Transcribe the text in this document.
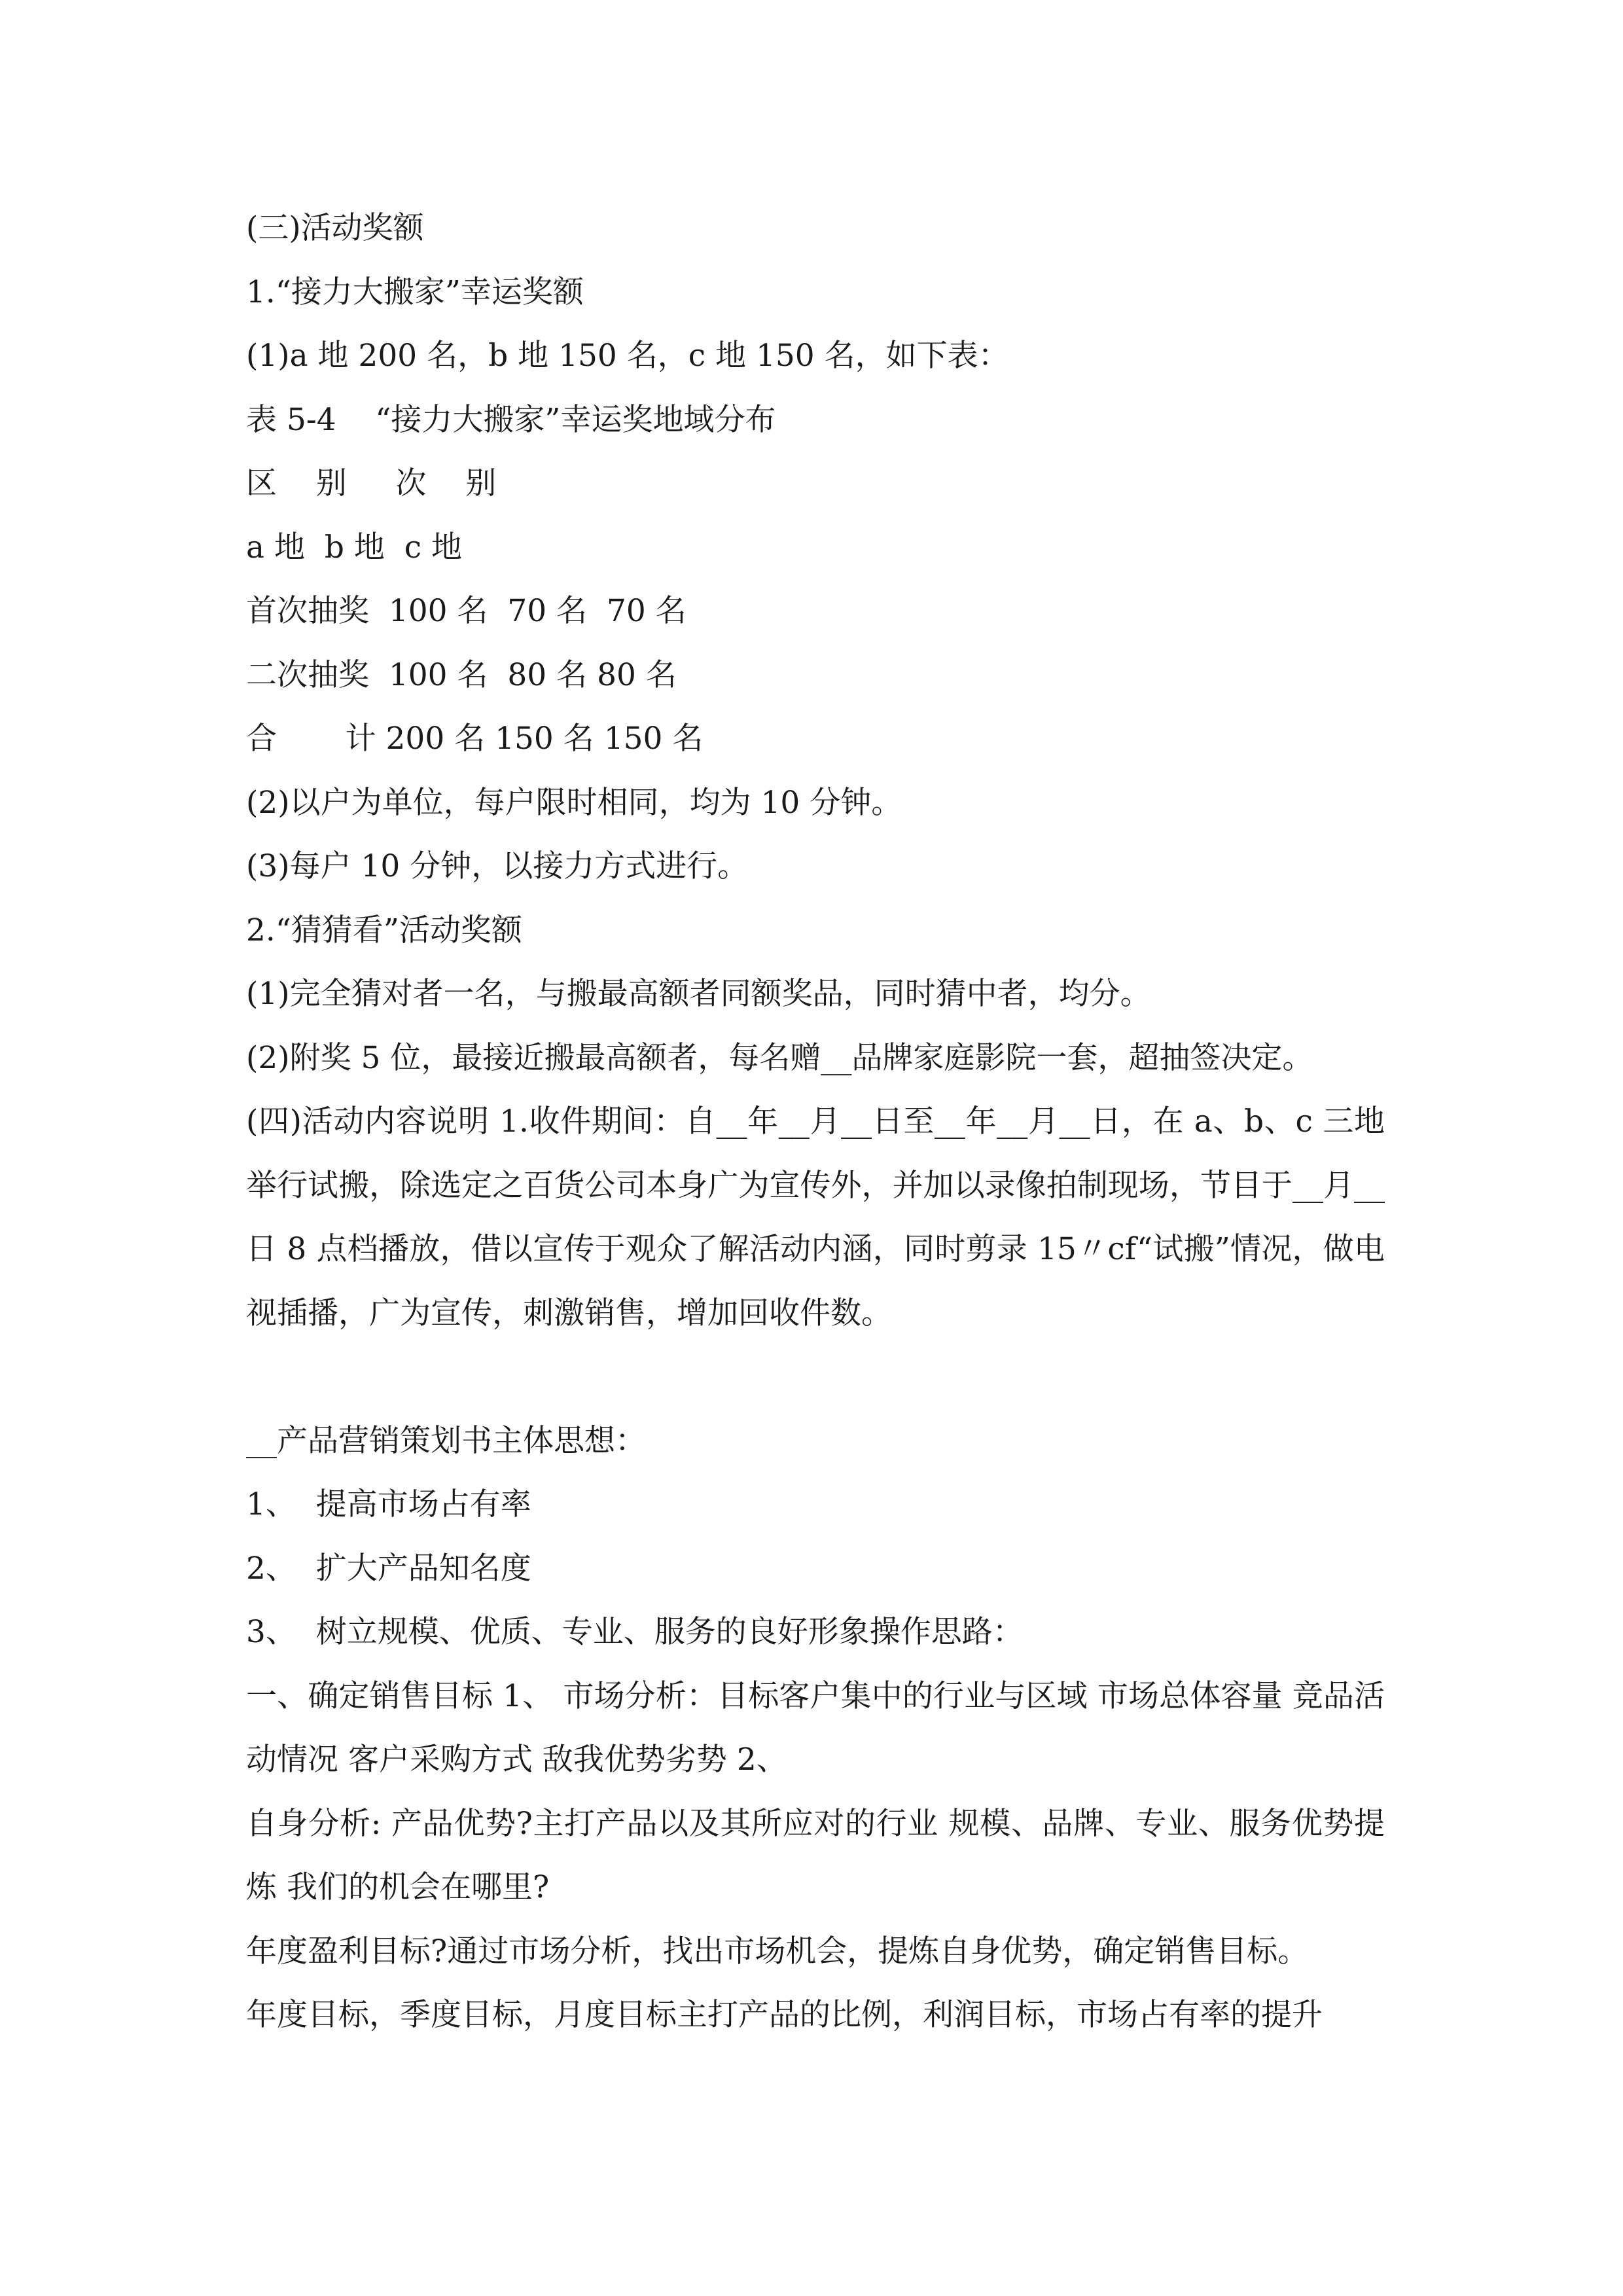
(三)活动奖额
1.“接力大搬家”幸运奖额
(1)a 地 200 名，b 地 150 名，c 地 150 名，如下表：
表 5-4    “接力大搬家”幸运奖地域分布
区    别     次    别
a 地  b 地  c 地
首次抽奖  100 名  70 名  70 名
二次抽奖  100 名  80 名 80 名
合       计 200 名 150 名 150 名
(2)以户为单位，每户限时相同，均为 10 分钟。
(3)每户 10 分钟，以接力方式进行。
2.“猜猜看”活动奖额
(1)完全猜对者一名，与搬最高额者同额奖品，同时猜中者，均分。
(2)附奖 5 位，最接近搬最高额者，每名赠__品牌家庭影院一套，超抽签决定。
(四)活动内容说明 1.收件期间：自__年__月__日至__年__月__日，在 a、b、c 三地举行试搬，除选定之百货公司本身广为宣传外，并加以录像拍制现场，节目于__月__日 8 点档播放，借以宣传于观众了解活动内涵，同时剪录 15〃cf“试搬”情况，做电视插播，广为宣传，刺激销售，增加回收件数。
__产品营销策划书主体思想：
1、  提高市场占有率
2、  扩大产品知名度
3、  树立规模、优质、专业、服务的良好形象操作思路：
一、确定销售目标 1、 市场分析：目标客户集中的行业与区域 市场总体容量 竞品活动情况 客户采购方式 敌我优势劣势 2、
自身分析: 产品优势?主打产品以及其所应对的行业 规模、品牌、专业、服务优势提炼 我们的机会在哪里?
年度盈利目标?通过市场分析，找出市场机会，提炼自身优势，确定销售目标。
年度目标，季度目标，月度目标主打产品的比例，利润目标，市场占有率的提升
